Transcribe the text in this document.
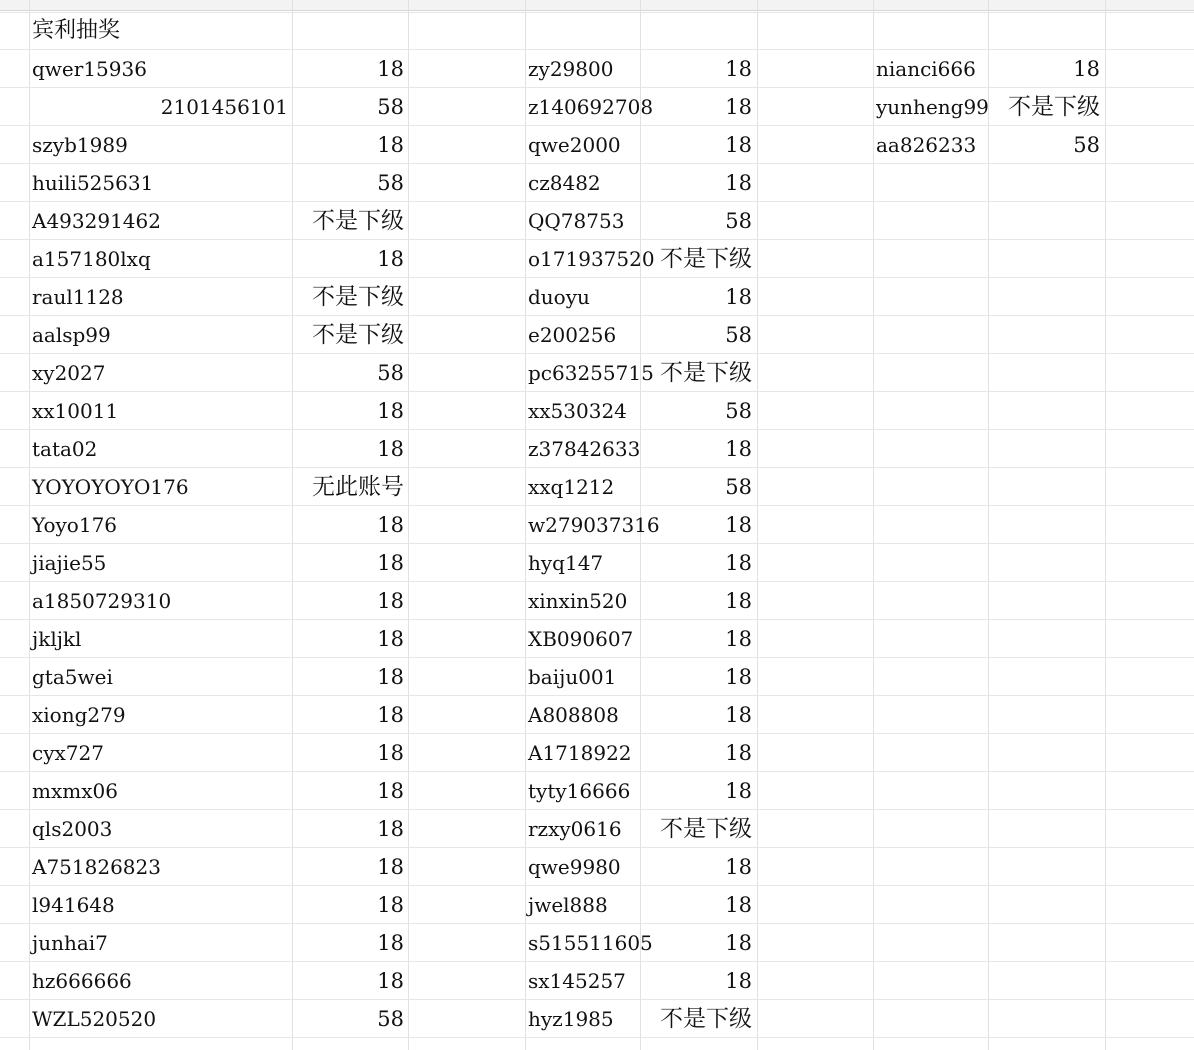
宾利抽奖
qwer15936	18	zy29800	18	nianci666	18
2101456101	58	z140692708	18	yunheng99 不是下级
szyb1989	18	qwe2000	18	aa826233	58
huili525631	58	cz8482	18
A493291462	不是下级	QQ78753	58
a157180lxq	18	o171937520 不是下级
raul1128	不是下级	duoyu	18
aalsp99	不是下级	e200256	58
xy2027	58	pc63255715 不是下级
xx10011	18	xx530324	58
tata02	18	z37842633	18
YOYOYOYO176	无此账号	xxq1212	58
Yoyo176	18	w279037316	18
jiajie55	18	hyq147	18
a1850729310	18	xinxin520	18
jkljkl	18	XB090607	18
gta5wei	18	baiju001	18
xiong279	18	A808808	18
cyx727	18	A1718922	18
mxmx06	18	tyty16666	18
qls2003	18	rzxy0616	不是下级
A751826823	18	qwe9980	18
l941648	18	jwel888	18
junhai7	18	s515511605	18
hz666666	18	sx145257	18
WZL520520	58	hyz1985	不是下级
